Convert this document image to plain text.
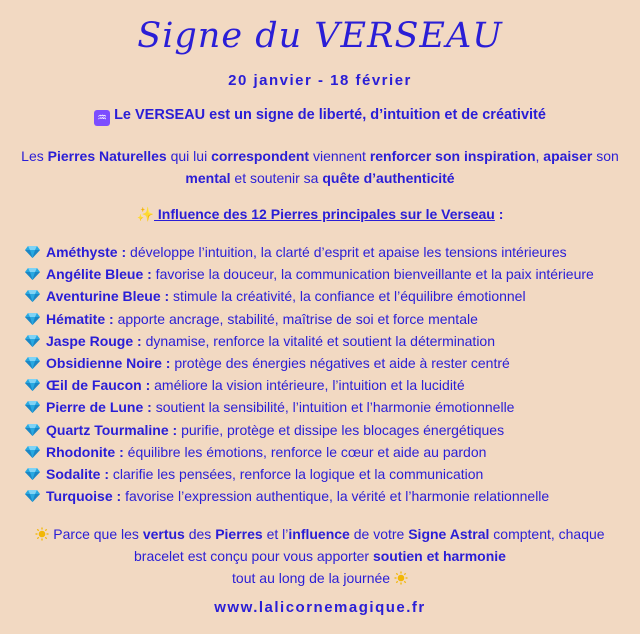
Signe du VERSEAU
20 janvier - 18 février
♒ Le VERSEAU est un signe de liberté, d’intuition et de créativité
Les Pierres Naturelles qui lui correspondent viennent renforcer son inspiration, apaiser son
mental et soutenir sa quête d’authenticité
✨ Influence des 12 Pierres principales sur le Verseau :
Améthyste : développe l’intuition, la clarté d’esprit et apaise les tensions intérieures
Angélite Bleue : favorise la douceur, la communication bienveillante et la paix intérieure
Aventurine Bleue : stimule la créativité, la confiance et l’équilibre émotionnel
Hématite : apporte ancrage, stabilité, maîtrise de soi et force mentale
Jaspe Rouge : dynamise, renforce la vitalité et soutient la détermination
Obsidienne Noire : protège des énergies négatives et aide à rester centré
Œil de Faucon : améliore la vision intérieure, l’intuition et la lucidité
Pierre de Lune : soutient la sensibilité, l’intuition et l’harmonie émotionnelle
Quartz Tourmaline : purifie, protège et dissipe les blocages énergétiques
Rhodonite : équilibre les émotions, renforce le cœur et aide au pardon
Sodalite : clarifie les pensées, renforce la logique et la communication
Turquoise : favorise l’expression authentique, la vérité et l’harmonie relationnelle
Parce que les vertus des Pierres et l’influence de votre Signe Astral comptent, chaque
bracelet est conçu pour vous apporter soutien et harmonie
tout au long de la journée
www.lalicornemagique.fr
